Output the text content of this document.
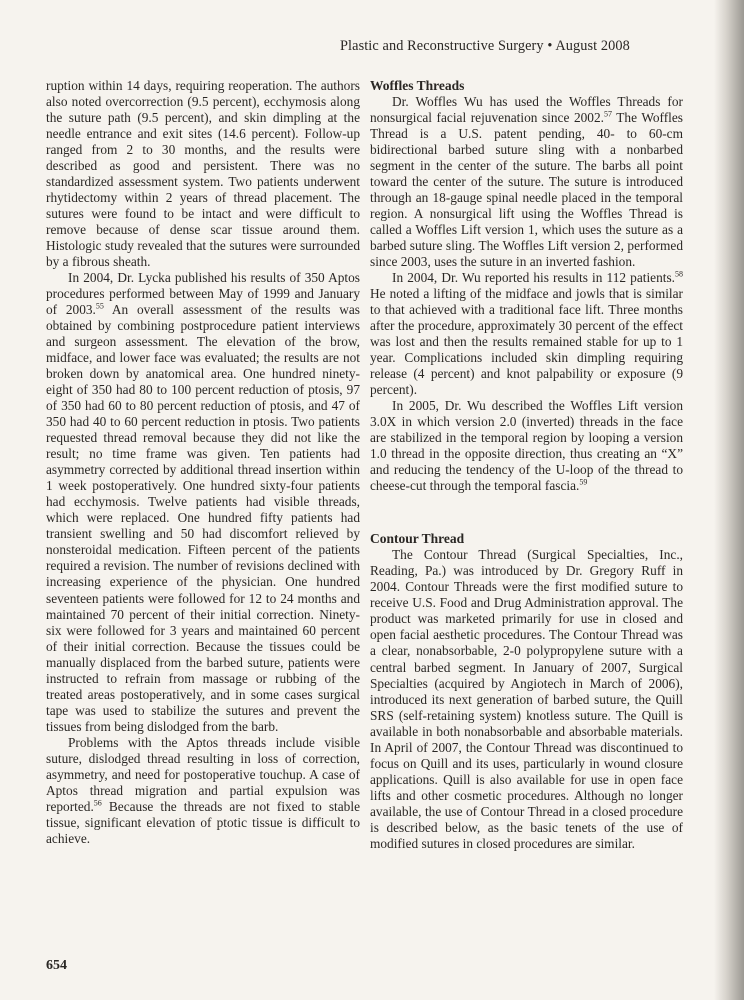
Plastic and Reconstructive Surgery • August 2008

ruption within 14 days, requiring reoperation. The authors also noted overcorrection (9.5 percent), ecchymosis along the suture path (9.5 percent), and skin dimpling at the needle entrance and exit sites (14.6 percent). Follow-up ranged from 2 to 30 months, and the results were described as good and persistent. There was no standardized assessment system. Two patients underwent rhytidectomy within 2 years of thread placement. The sutures were found to be intact and were difficult to remove because of dense scar tissue around them. Histologic study revealed that the sutures were surrounded by a fibrous sheath.

In 2004, Dr. Lycka published his results of 350 Aptos procedures performed between May of 1999 and January of 2003.55 An overall assessment of the results was obtained by combining postprocedure patient interviews and surgeon assessment. The elevation of the brow, midface, and lower face was evaluated; the results are not broken down by anatomical area. One hundred ninety-eight of 350 had 80 to 100 percent reduction of ptosis, 97 of 350 had 60 to 80 percent reduction of ptosis, and 47 of 350 had 40 to 60 percent reduction in ptosis. Two patients requested thread removal because they did not like the result; no time frame was given. Ten patients had asymmetry corrected by additional thread insertion within 1 week postoperatively. One hundred sixty-four patients had ecchymosis. Twelve patients had visible threads, which were replaced. One hundred fifty patients had transient swelling and 50 had discomfort relieved by nonsteroidal medication. Fifteen percent of the patients required a revision. The number of revisions declined with increasing experience of the physician. One hundred seventeen patients were followed for 12 to 24 months and maintained 70 percent of their initial correction. Ninety-six were followed for 3 years and maintained 60 percent of their initial correction. Because the tissues could be manually displaced from the barbed suture, patients were instructed to refrain from massage or rubbing of the treated areas postoperatively, and in some cases surgical tape was used to stabilize the sutures and prevent the tissues from being dislodged from the barb.

Problems with the Aptos threads include visible suture, dislodged thread resulting in loss of correction, asymmetry, and need for postoperative touchup. A case of Aptos thread migration and partial expulsion was reported.$^{56}$ Because the threads are not fixed to stable tissue, significant elevation of ptotic tissue is difficult to achieve.

Woffles Threads

Dr. Woffles Wu has used the Woffles Threads for nonsurgical facial rejuvenation since 2002.57 The Woffles Thread is a U.S. patent pending, 40- to 60-cm bidirectional barbed suture sling with a nonbarbed segment in the center of the suture. The barbs all point toward the center of the suture. The suture is introduced through an 18-gauge spinal needle placed in the temporal region. A nonsurgical lift using the Woffles Thread is called a Woffles Lift version 1, which uses the suture as a barbed suture sling. The Woffles Lift version 2, performed since 2003, uses the suture in an inverted fashion.

In 2004, Dr. Wu reported his results in 112 patients.$^{58}$ He noted a lifting of the midface and jowls that is similar to that achieved with a traditional face lift. Three months after the procedure, approximately 30 percent of the effect was lost and then the results remained stable for up to 1 year. Complications included skin dimpling requiring release (4 percent) and knot palpability or exposure (9 percent).

In 2005, Dr. Wu described the Woffles Lift version 3.0X in which version 2.0 (inverted) threads in the face are stabilized in the temporal region by looping a version 1.0 thread in the opposite direction, thus creating an “X” and reducing the tendency of the U-loop of the thread to cheese-cut through the temporal fascia.$^{59}$

Contour Thread

The Contour Thread (Surgical Specialties, Inc., Reading, Pa.) was introduced by Dr. Gregory Ruff in 2004. Contour Threads were the first modified suture to receive U.S. Food and Drug Administration approval. The product was marketed primarily for use in closed and open facial aesthetic procedures. The Contour Thread was a clear, nonabsorbable, 2-0 polypropylene suture with a central barbed segment. In January of 2007, Surgical Specialties (acquired by Angiotech in March of 2006), introduced its next generation of barbed suture, the Quill SRS (self-retaining system) knotless suture. The Quill is available in both nonabsorbable and absorbable materials. In April of 2007, the Contour Thread was discontinued to focus on Quill and its uses, particularly in wound closure applications. Quill is also available for use in open face lifts and other cosmetic procedures. Although no longer available, the use of Contour Thread in a closed procedure is described below, as the basic tenets of the use of modified sutures in closed procedures are similar.

654
